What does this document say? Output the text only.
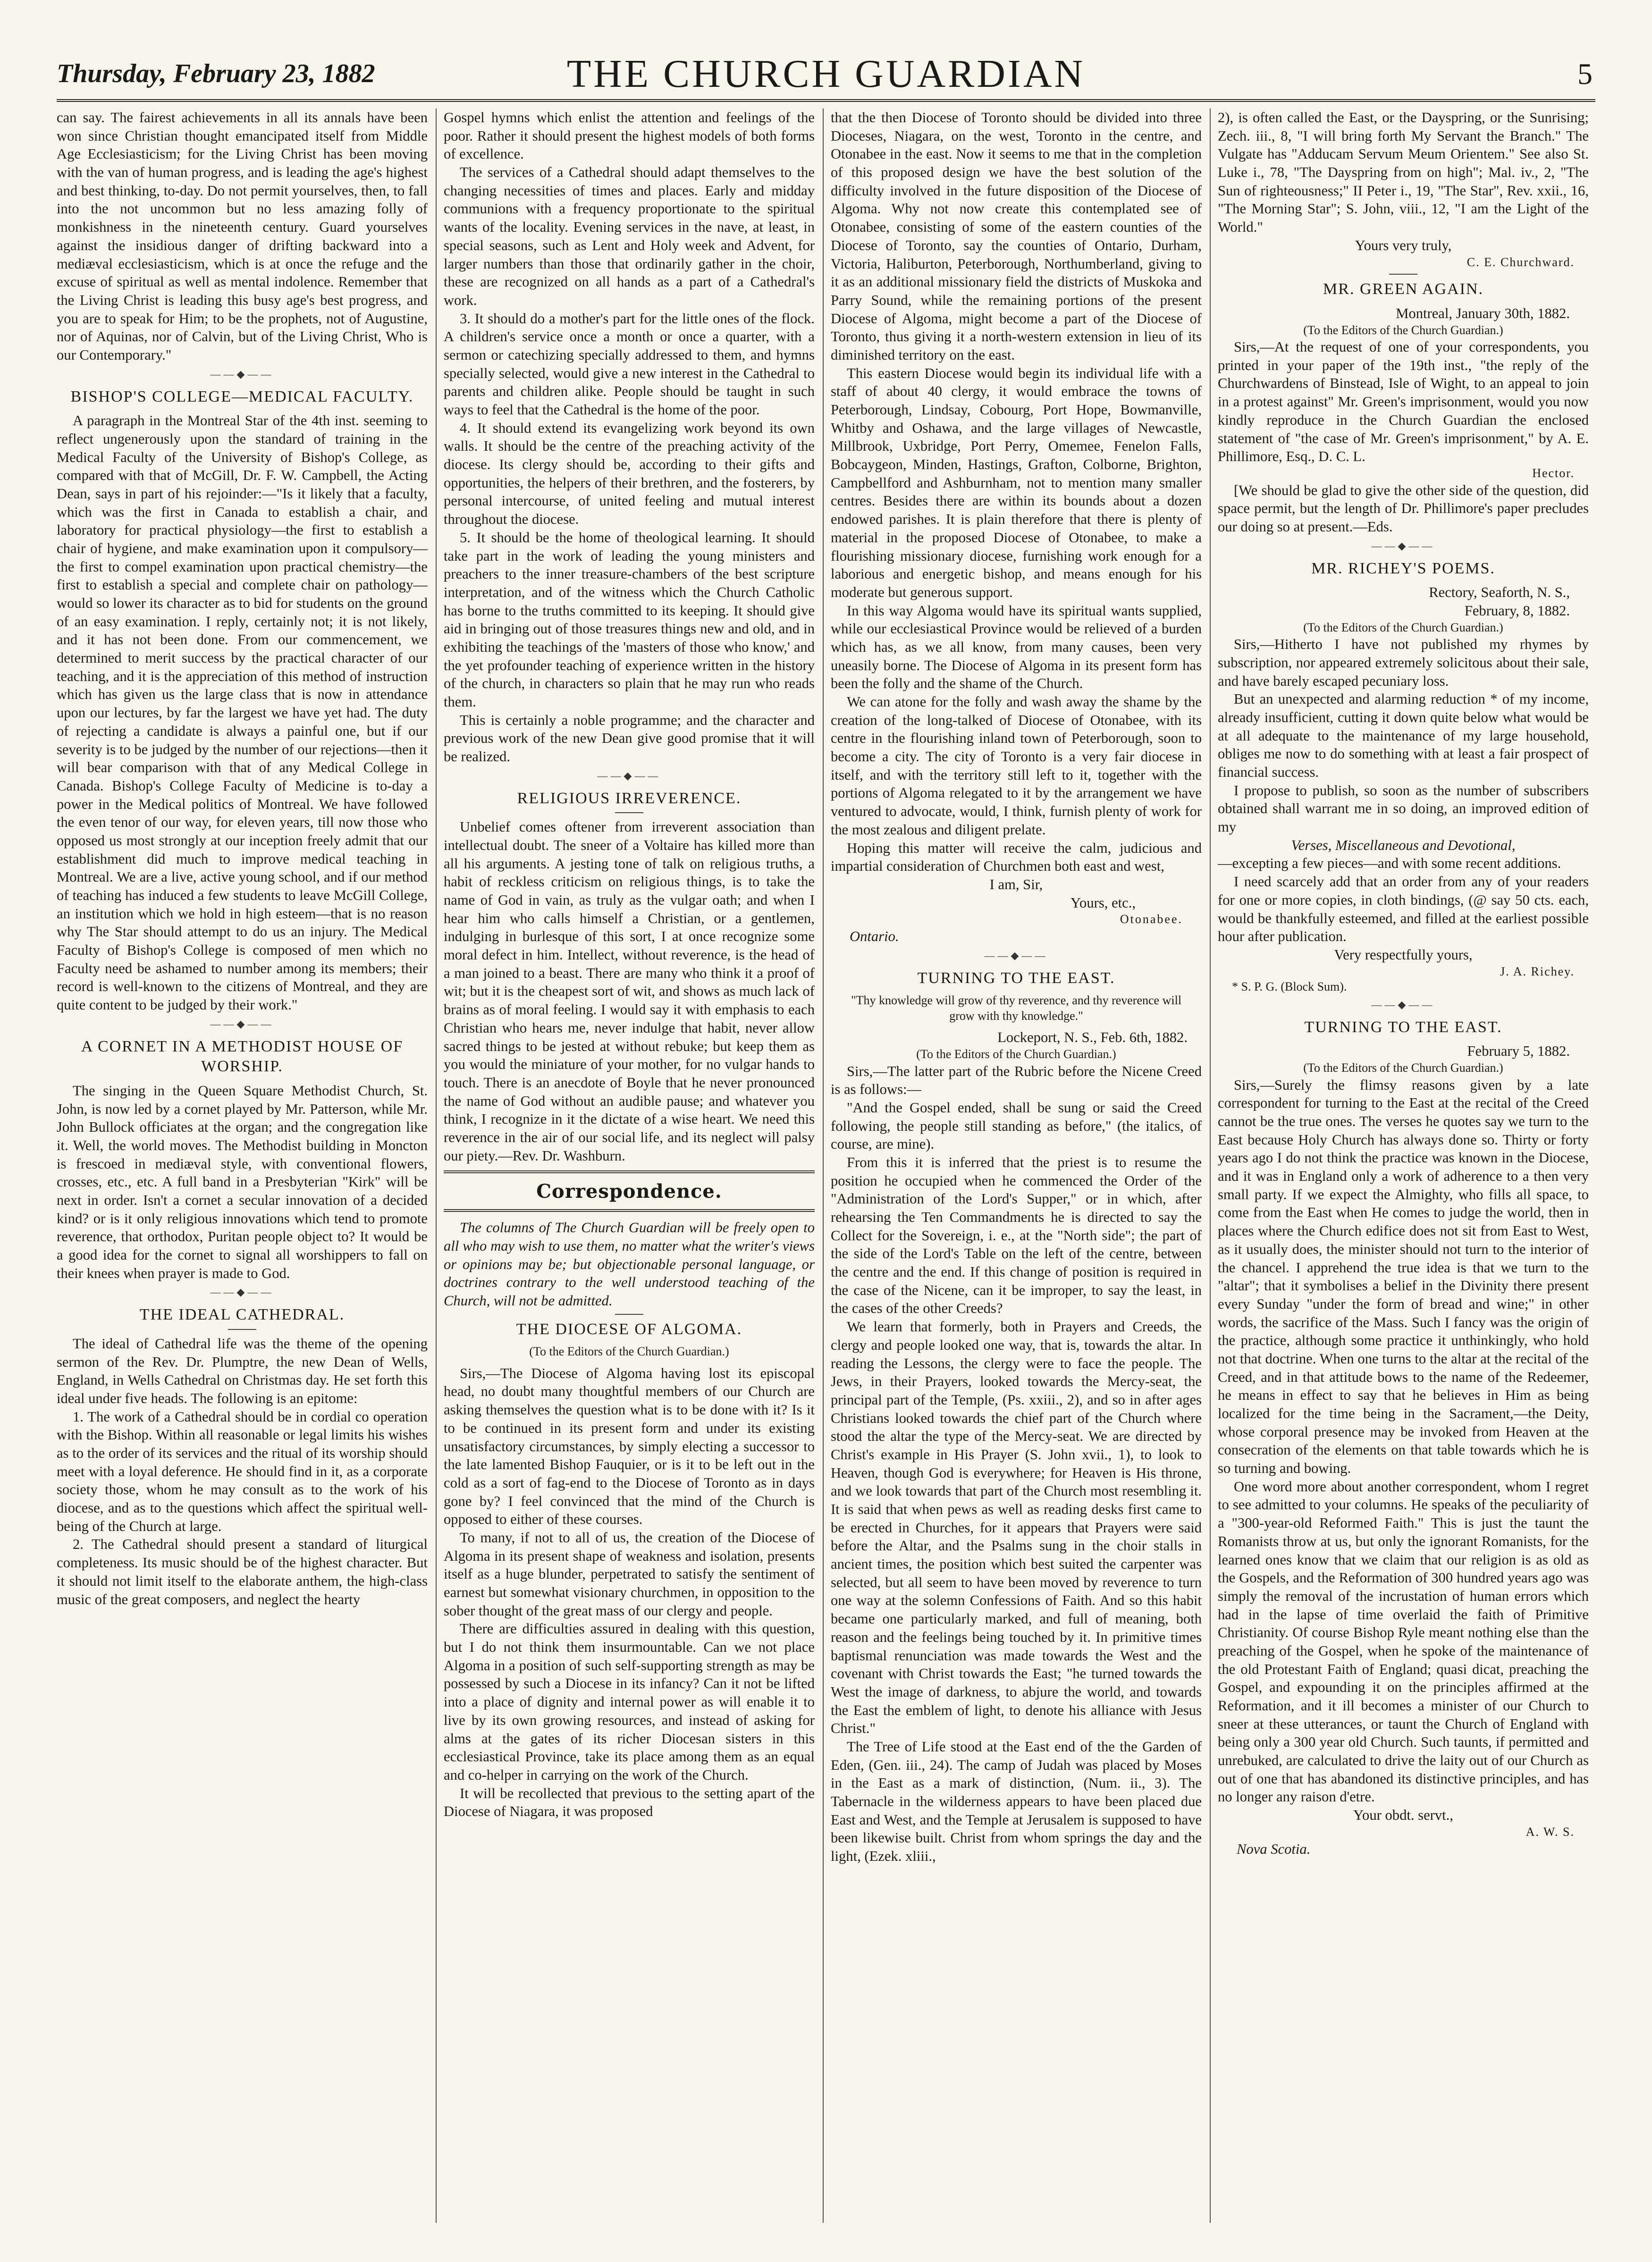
Thursday, February 23, 1882	THE CHURCH GUARDIAN	5

can say. The fairest achievements in all its annals have been won since Christian thought emancipated itself from Middle Age Ecclesiasticism; for the Living Christ has been moving with the van of human progress, and is leading the age's highest and best thinking, to-day. Do not permit yourselves, then, to fall into the not uncommon but no less amazing folly of monkishness in the nineteenth century. Guard yourselves against the insidious danger of drifting backward into a mediæval ecclesiasticism, which is at once the refuge and the excuse of spiritual as well as mental indolence. Remember that the Living Christ is leading this busy age's best progress, and you are to speak for Him; to be the prophets, not of Augustine, nor of Aquinas, nor of Calvin, but of the Living Christ, Who is our Contemporary."

——◆——
BISHOP'S COLLEGE—MEDICAL FACULTY.

A paragraph in the Montreal Star of the 4th inst. seeming to reflect ungenerously upon the standard of training in the Medical Faculty of the University of Bishop's College, as compared with that of McGill, Dr. F. W. Campbell, the Acting Dean, says in part of his rejoinder:—"Is it likely that a faculty, which was the first in Canada to establish a chair, and laboratory for practical physiology—the first to establish a chair of hygiene, and make examination upon it compulsory—the first to compel examination upon practical chemistry—the first to establish a special and complete chair on pathology—would so lower its character as to bid for students on the ground of an easy examination. I reply, certainly not; it is not likely, and it has not been done. From our commencement, we determined to merit success by the practical character of our teaching, and it is the appreciation of this method of instruction which has given us the large class that is now in attendance upon our lectures, by far the largest we have yet had. The duty of rejecting a candidate is always a painful one, but if our severity is to be judged by the number of our rejections—then it will bear comparison with that of any Medical College in Canada. Bishop's College Faculty of Medicine is to-day a power in the Medical politics of Montreal. We have followed the even tenor of our way, for eleven years, till now those who opposed us most strongly at our inception freely admit that our establishment did much to improve medical teaching in Montreal. We are a live, active young school, and if our method of teaching has induced a few students to leave McGill College, an institution which we hold in high esteem—that is no reason why The Star should attempt to do us an injury. The Medical Faculty of Bishop's College is composed of men which no Faculty need be ashamed to number among its members; their record is well-known to the citizens of Montreal, and they are quite content to be judged by their work."

——◆——
A CORNET IN A METHODIST HOUSE OF WORSHIP.

The singing in the Queen Square Methodist Church, St. John, is now led by a cornet played by Mr. Patterson, while Mr. John Bullock officiates at the organ; and the congregation like it. Well, the world moves. The Methodist building in Moncton is frescoed in mediæval style, with conventional flowers, crosses, etc., etc. A full band in a Presbyterian "Kirk" will be next in order. Isn't a cornet a secular innovation of a decided kind? or is it only religious innovations which tend to promote reverence, that orthodox, Puritan people object to? It would be a good idea for the cornet to signal all worshippers to fall on their knees when prayer is made to God.

——◆——
THE IDEAL CATHEDRAL.

The ideal of Cathedral life was the theme of the opening sermon of the Rev. Dr. Plumptre, the new Dean of Wells, England, in Wells Cathedral on Christmas day. He set forth this ideal under five heads. The following is an epitome:

1. The work of a Cathedral should be in cordial co operation with the Bishop. Within all reasonable or legal limits his wishes as to the order of its services and the ritual of its worship should meet with a loyal deference. He should find in it, as a corporate society those, whom he may consult as to the work of his diocese, and as to the questions which affect the spiritual well-being of the Church at large.

2. The Cathedral should present a standard of liturgical completeness. Its music should be of the highest character. But it should not limit itself to the elaborate anthem, the high-class music of the great composers, and neglect the hearty

Gospel hymns which enlist the attention and feelings of the poor. Rather it should present the highest models of both forms of excellence.

The services of a Cathedral should adapt themselves to the changing necessities of times and places. Early and midday communions with a frequency proportionate to the spiritual wants of the locality. Evening services in the nave, at least, in special seasons, such as Lent and Holy week and Advent, for larger numbers than those that ordinarily gather in the choir, these are recognized on all hands as a part of a Cathedral's work.

3. It should do a mother's part for the little ones of the flock. A children's service once a month or once a quarter, with a sermon or catechizing specially addressed to them, and hymns specially selected, would give a new interest in the Cathedral to parents and children alike. People should be taught in such ways to feel that the Cathedral is the home of the poor.

4. It should extend its evangelizing work beyond its own walls. It should be the centre of the preaching activity of the diocese. Its clergy should be, according to their gifts and opportunities, the helpers of their brethren, and the fosterers, by personal intercourse, of united feeling and mutual interest throughout the diocese.

5. It should be the home of theological learning. It should take part in the work of leading the young ministers and preachers to the inner treasure-chambers of the best scripture interpretation, and of the witness which the Church Catholic has borne to the truths committed to its keeping. It should give aid in bringing out of those treasures things new and old, and in exhibiting the teachings of the 'masters of those who know,' and the yet profounder teaching of experience written in the history of the church, in characters so plain that he may run who reads them.

This is certainly a noble programme; and the character and previous work of the new Dean give good promise that it will be realized.

——◆——
RELIGIOUS IRREVERENCE.

Unbelief comes oftener from irreverent association than intellectual doubt. The sneer of a Voltaire has killed more than all his arguments. A jesting tone of talk on religious truths, a habit of reckless criticism on religious things, is to take the name of God in vain, as truly as the vulgar oath; and when I hear him who calls himself a Christian, or a gentlemen, indulging in burlesque of this sort, I at once recognize some moral defect in him. Intellect, without reverence, is the head of a man joined to a beast. There are many who think it a proof of wit; but it is the cheapest sort of wit, and shows as much lack of brains as of moral feeling. I would say it with emphasis to each Christian who hears me, never indulge that habit, never allow sacred things to be jested at without rebuke; but keep them as you would the miniature of your mother, for no vulgar hands to touch. There is an anecdote of Boyle that he never pronounced the name of God without an audible pause; and whatever you think, I recognize in it the dictate of a wise heart. We need this reverence in the air of our social life, and its neglect will palsy our piety.—Rev. Dr. Washburn.

Correspondence.

The columns of The Church Guardian will be freely open to all who may wish to use them, no matter what the writer's views or opinions may be; but objectionable personal language, or doctrines contrary to the well understood teaching of the Church, will not be admitted.

THE DIOCESE OF ALGOMA.

(To the Editors of the Church Guardian.)

Sirs,—The Diocese of Algoma having lost its episcopal head, no doubt many thoughtful members of our Church are asking themselves the question what is to be done with it? Is it to be continued in its present form and under its existing unsatisfactory circumstances, by simply electing a successor to the late lamented Bishop Fauquier, or is it to be left out in the cold as a sort of fag-end to the Diocese of Toronto as in days gone by? I feel convinced that the mind of the Church is opposed to either of these courses.

To many, if not to all of us, the creation of the Diocese of Algoma in its present shape of weakness and isolation, presents itself as a huge blunder, perpetrated to satisfy the sentiment of earnest but somewhat visionary churchmen, in opposition to the sober thought of the great mass of our clergy and people.

There are difficulties assured in dealing with this question, but I do not think them insurmountable. Can we not place Algoma in a position of such self-supporting strength as may be possessed by such a Diocese in its infancy? Can it not be lifted into a place of dignity and internal power as will enable it to live by its own growing resources, and instead of asking for alms at the gates of its richer Diocesan sisters in this ecclesiastical Province, take its place among them as an equal and co-helper in carrying on the work of the Church.

It will be recollected that previous to the setting apart of the Diocese of Niagara, it was proposed

that the then Diocese of Toronto should be divided into three Dioceses, Niagara, on the west, Toronto in the centre, and Otonabee in the east. Now it seems to me that in the completion of this proposed design we have the best solution of the difficulty involved in the future disposition of the Diocese of Algoma. Why not now create this contemplated see of Otonabee, consisting of some of the eastern counties of the Diocese of Toronto, say the counties of Ontario, Durham, Victoria, Haliburton, Peterborough, Northumberland, giving to it as an additional missionary field the districts of Muskoka and Parry Sound, while the remaining portions of the present Diocese of Algoma, might become a part of the Diocese of Toronto, thus giving it a north-western extension in lieu of its diminished territory on the east.

This eastern Diocese would begin its individual life with a staff of about 40 clergy, it would embrace the towns of Peterborough, Lindsay, Cobourg, Port Hope, Bowmanville, Whitby and Oshawa, and the large villages of Newcastle, Millbrook, Uxbridge, Port Perry, Omemee, Fenelon Falls, Bobcaygeon, Minden, Hastings, Grafton, Colborne, Brighton, Campbellford and Ashburnham, not to mention many smaller centres. Besides there are within its bounds about a dozen endowed parishes. It is plain therefore that there is plenty of material in the proposed Diocese of Otonabee, to make a flourishing missionary diocese, furnishing work enough for a laborious and energetic bishop, and means enough for his moderate but generous support.

In this way Algoma would have its spiritual wants supplied, while our ecclesiastical Province would be relieved of a burden which has, as we all know, from many causes, been very uneasily borne. The Diocese of Algoma in its present form has been the folly and the shame of the Church.

We can atone for the folly and wash away the shame by the creation of the long-talked of Diocese of Otonabee, with its centre in the flourishing inland town of Peterborough, soon to become a city. The city of Toronto is a very fair diocese in itself, and with the territory still left to it, together with the portions of Algoma relegated to it by the arrangement we have ventured to advocate, would, I think, furnish plenty of work for the most zealous and diligent prelate.

Hoping this matter will receive the calm, judicious and impartial consideration of Churchmen both east and west,

I am, Sir,

Yours, etc.,

Otonabee.

Ontario.

——◆——
TURNING TO THE EAST.

"Thy knowledge will grow of thy reverence, and thy reverence will grow with thy knowledge."

Lockeport, N. S., Feb. 6th, 1882.

(To the Editors of the Church Guardian.)

Sirs,—The latter part of the Rubric before the Nicene Creed is as follows:—

"And the Gospel ended, shall be sung or said the Creed following, the people still standing as before," (the italics, of course, are mine).

From this it is inferred that the priest is to resume the position he occupied when he commenced the Order of the "Administration of the Lord's Supper," or in which, after rehearsing the Ten Commandments he is directed to say the Collect for the Sovereign, i. e., at the "North side"; the part of the side of the Lord's Table on the left of the centre, between the centre and the end. If this change of position is required in the case of the Nicene, can it be improper, to say the least, in the cases of the other Creeds?

We learn that formerly, both in Prayers and Creeds, the clergy and people looked one way, that is, towards the altar. In reading the Lessons, the clergy were to face the people. The Jews, in their Prayers, looked towards the Mercy-seat, the principal part of the Temple, (Ps. xxiii., 2), and so in after ages Christians looked towards the chief part of the Church where stood the altar the type of the Mercy-seat. We are directed by Christ's example in His Prayer (S. John xvii., 1), to look to Heaven, though God is everywhere; for Heaven is His throne, and we look towards that part of the Church most resembling it. It is said that when pews as well as reading desks first came to be erected in Churches, for it appears that Prayers were said before the Altar, and the Psalms sung in the choir stalls in ancient times, the position which best suited the carpenter was selected, but all seem to have been moved by reverence to turn one way at the solemn Confessions of Faith. And so this habit became one particularly marked, and full of meaning, both reason and the feelings being touched by it. In primitive times baptismal renunciation was made towards the West and the covenant with Christ towards the East; "he turned towards the West the image of darkness, to abjure the world, and towards the East the emblem of light, to denote his alliance with Jesus Christ."

The Tree of Life stood at the East end of the the Garden of Eden, (Gen. iii., 24). The camp of Judah was placed by Moses in the East as a mark of distinction, (Num. ii., 3). The Tabernacle in the wilderness appears to have been placed due East and West, and the Temple at Jerusalem is supposed to have been likewise built. Christ from whom springs the day and the light, (Ezek. xliii.,

2), is often called the East, or the Dayspring, or the Sunrising; Zech. iii., 8, "I will bring forth My Servant the Branch." The Vulgate has "Adducam Servum Meum Orientem." See also St. Luke i., 78, "The Dayspring from on high"; Mal. iv., 2, "The Sun of righteousness;" II Peter i., 19, "The Star", Rev. xxii., 16, "The Morning Star"; S. John, viii., 12, "I am the Light of the World."

Yours very truly,

C. E. Churchward.

MR. GREEN AGAIN.

Montreal, January 30th, 1882.

(To the Editors of the Church Guardian.)

Sirs,—At the request of one of your correspondents, you printed in your paper of the 19th inst., "the reply of the Churchwardens of Binstead, Isle of Wight, to an appeal to join in a protest against" Mr. Green's imprisonment, would you now kindly reproduce in the Church Guardian the enclosed statement of "the case of Mr. Green's imprisonment," by A. E. Phillimore, Esq., D. C. L.

Hector.

[We should be glad to give the other side of the question, did space permit, but the length of Dr. Phillimore's paper precludes our doing so at present.—Eds.

——◆——
MR. RICHEY'S POEMS.

Rectory, Seaforth, N. S.,

February, 8, 1882.

(To the Editors of the Church Guardian.)

Sirs,—Hitherto I have not published my rhymes by subscription, nor appeared extremely solicitous about their sale, and have barely escaped pecuniary loss.

But an unexpected and alarming reduction * of my income, already insufficient, cutting it down quite below what would be at all adequate to the maintenance of my large household, obliges me now to do something with at least a fair prospect of financial success.

I propose to publish, so soon as the number of subscribers obtained shall warrant me in so doing, an improved edition of my

Verses, Miscellaneous and Devotional,

—excepting a few pieces—and with some recent additions.

I need scarcely add that an order from any of your readers for one or more copies, in cloth bindings, (@ say 50 cts. each, would be thankfully esteemed, and filled at the earliest possible hour after publication.

Very respectfully yours,

J. A. Richey.

* S. P. G. (Block Sum).

——◆——
TURNING TO THE EAST.

February 5, 1882.

(To the Editors of the Church Guardian.)

Sirs,—Surely the flimsy reasons given by a late correspondent for turning to the East at the recital of the Creed cannot be the true ones. The verses he quotes say we turn to the East because Holy Church has always done so. Thirty or forty years ago I do not think the practice was known in the Diocese, and it was in England only a work of adherence to a then very small party. If we expect the Almighty, who fills all space, to come from the East when He comes to judge the world, then in places where the Church edifice does not sit from East to West, as it usually does, the minister should not turn to the interior of the chancel. I apprehend the true idea is that we turn to the "altar"; that it symbolises a belief in the Divinity there present every Sunday "under the form of bread and wine;" in other words, the sacrifice of the Mass. Such I fancy was the origin of the practice, although some practice it unthinkingly, who hold not that doctrine. When one turns to the altar at the recital of the Creed, and in that attitude bows to the name of the Redeemer, he means in effect to say that he believes in Him as being localized for the time being in the Sacrament,—the Deity, whose corporal presence may be invoked from Heaven at the consecration of the elements on that table towards which he is so turning and bowing.

One word more about another correspondent, whom I regret to see admitted to your columns. He speaks of the peculiarity of a "300-year-old Reformed Faith." This is just the taunt the Romanists throw at us, but only the ignorant Romanists, for the learned ones know that we claim that our religion is as old as the Gospels, and the Reformation of 300 hundred years ago was simply the removal of the incrustation of human errors which had in the lapse of time overlaid the faith of Primitive Christianity. Of course Bishop Ryle meant nothing else than the preaching of the Gospel, when he spoke of the maintenance of the old Protestant Faith of England; quasi dicat, preaching the Gospel, and expounding it on the principles affirmed at the Reformation, and it ill becomes a minister of our Church to sneer at these utterances, or taunt the Church of England with being only a 300 year old Church. Such taunts, if permitted and unrebuked, are calculated to drive the laity out of our Church as out of one that has abandoned its distinctive principles, and has no longer any raison d'etre.

Your obdt. servt.,

A. W. S.

Nova Scotia.
